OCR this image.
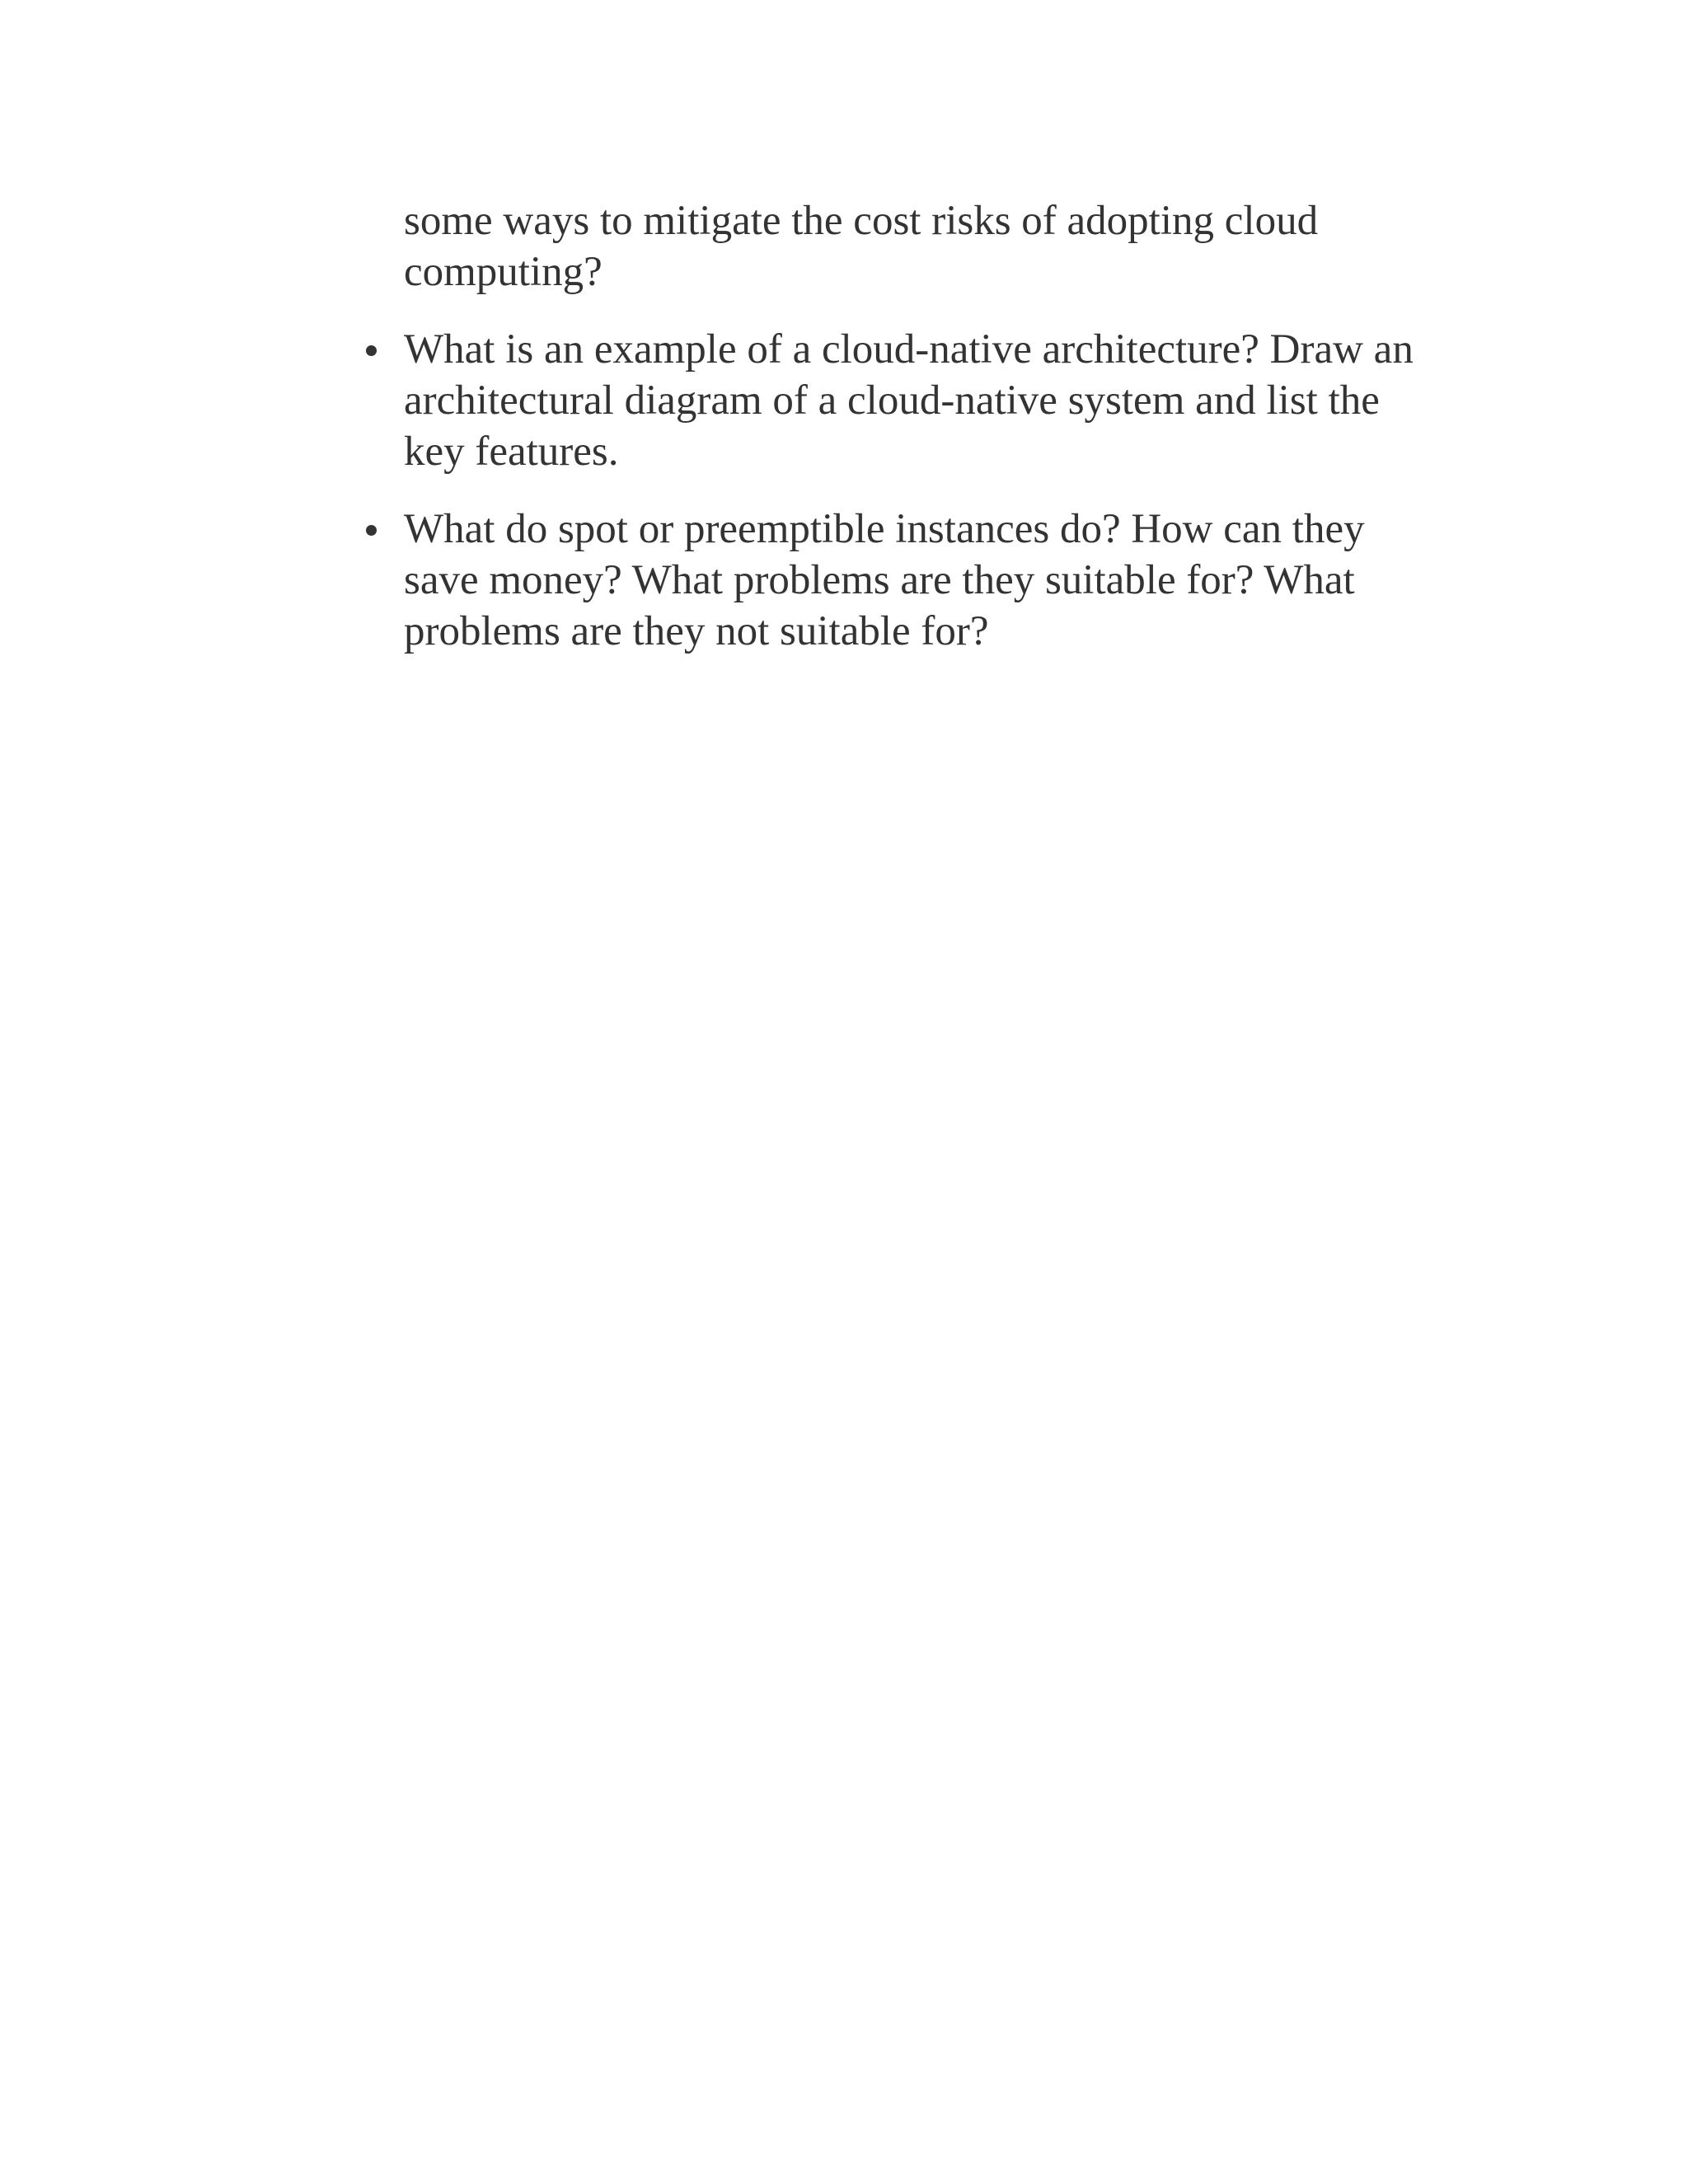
some ways to mitigate the cost risks of adopting cloud computing?

What is an example of a cloud-native architecture? Draw an architectural diagram of a cloud-native system and list the key features.
What do spot or preemptible instances do? How can they save money? What problems are they suitable for? What problems are they not suitable for?
